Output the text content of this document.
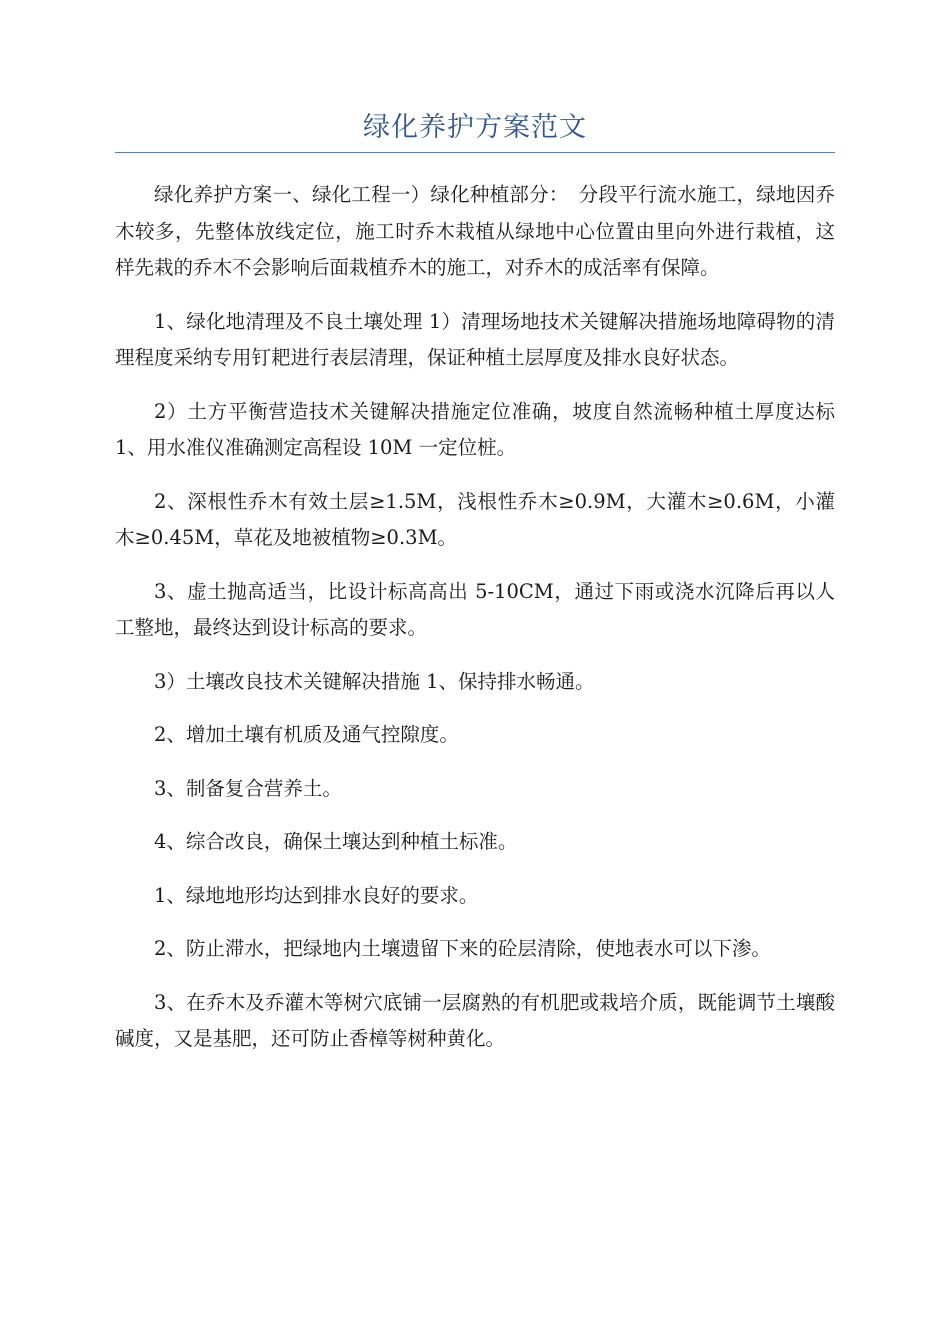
绿化养护方案范文

绿化养护方案一、绿化工程一）绿化种植部分：　分段平行流水施工，绿地因乔木较多，先整体放线定位，施工时乔木栽植从绿地中心位置由里向外进行栽植，这样先栽的乔木不会影响后面栽植乔木的施工，对乔木的成活率有保障。

1、绿化地清理及不良土壤处理 1）清理场地技术关键解决措施场地障碍物的清理程度采纳专用钉耙进行表层清理，保证种植土层厚度及排水良好状态。

2）土方平衡营造技术关键解决措施定位准确，坡度自然流畅种植土厚度达标 1、用水准仪准确测定高程设 10M 一定位桩。

2、深根性乔木有效土层≥1.5M，浅根性乔木≥0.9M，大灌木≥0.6M，小灌木≥0.45M，草花及地被植物≥0.3M。

3、虚土抛高适当，比设计标高高出 5-10CM，通过下雨或浇水沉降后再以人工整地，最终达到设计标高的要求。

3）土壤改良技术关键解决措施 1、保持排水畅通。

2、增加土壤有机质及通气控隙度。

3、制备复合营养土。

4、综合改良，确保土壤达到种植土标准。

1、绿地地形均达到排水良好的要求。

2、防止滞水，把绿地内土壤遗留下来的砼层清除，使地表水可以下渗。

3、在乔木及乔灌木等树穴底铺一层腐熟的有机肥或栽培介质，既能调节土壤酸碱度，又是基肥，还可防止香樟等树种黄化。
